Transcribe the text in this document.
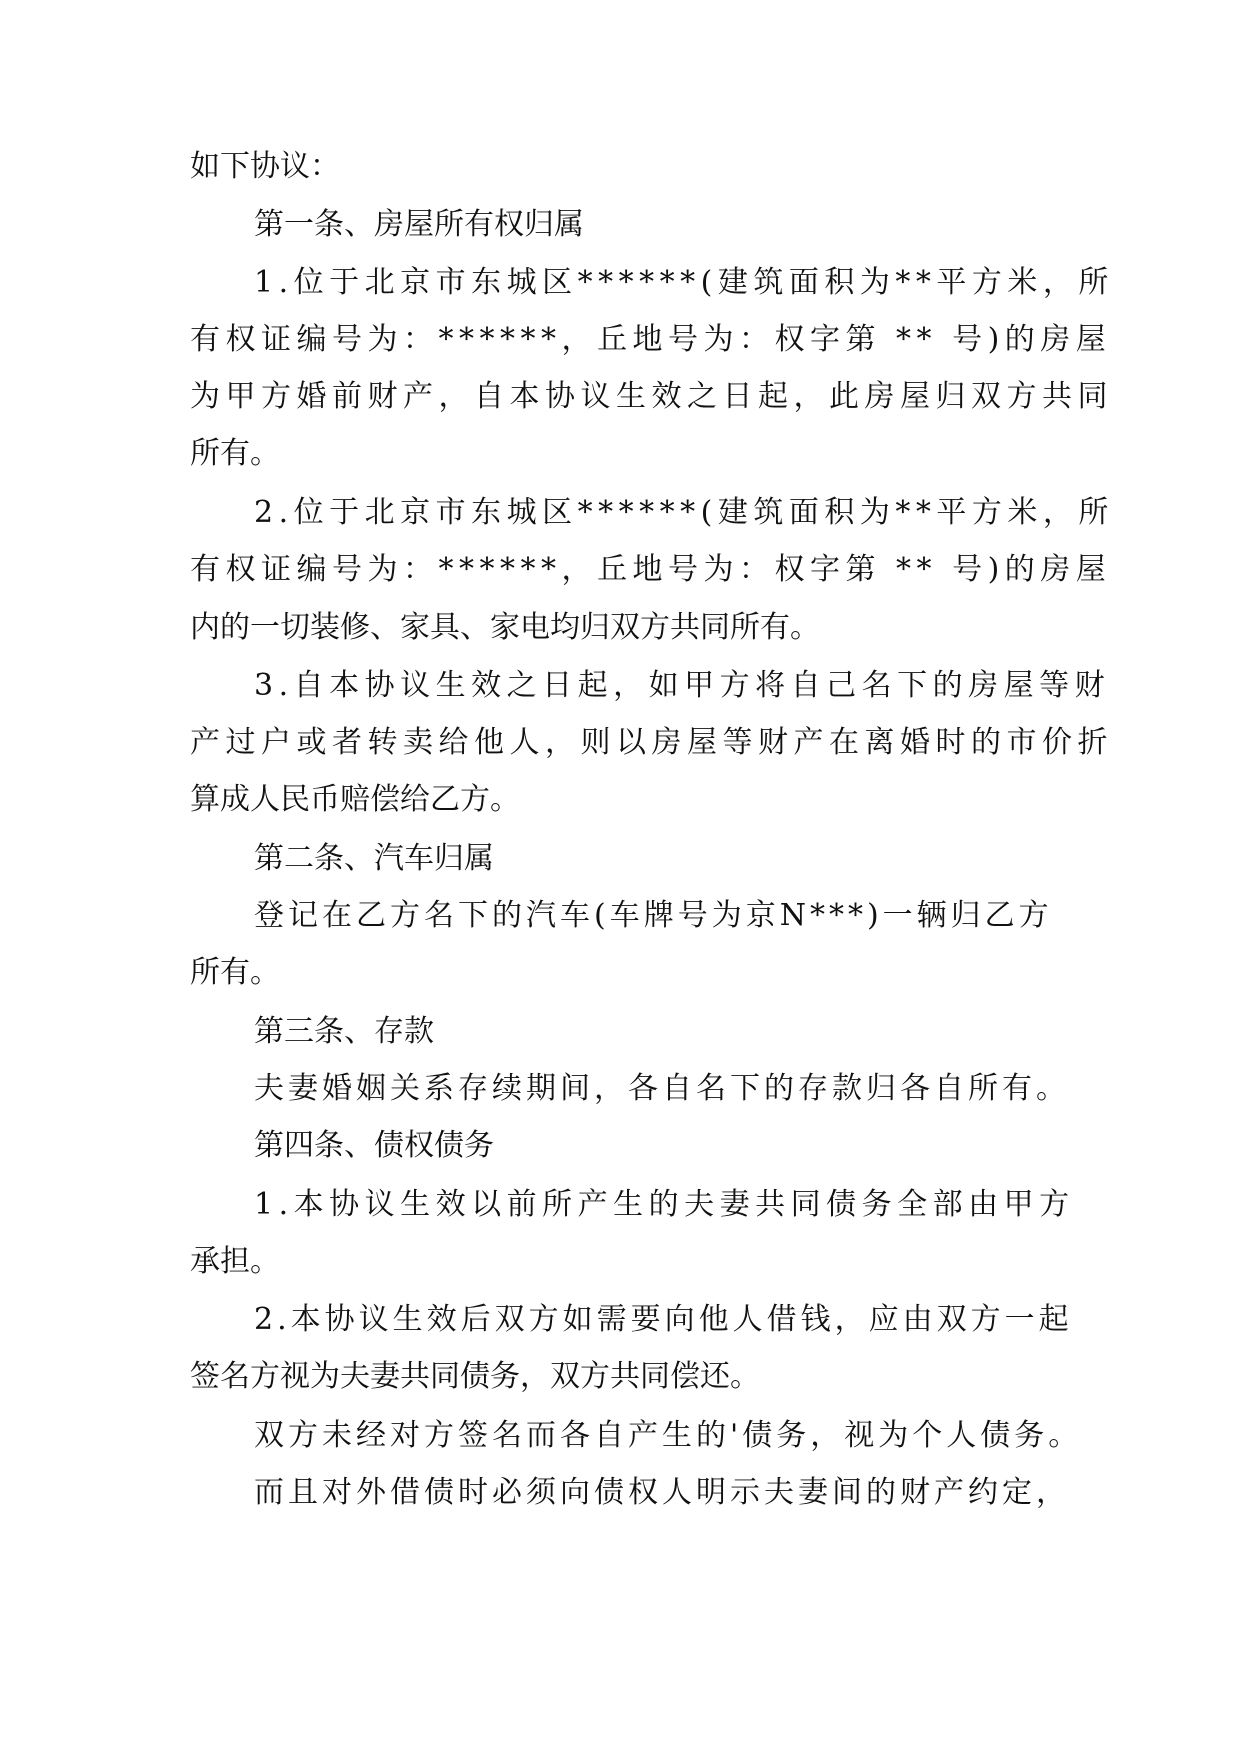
如下协议：
第一条、房屋所有权归属
1.位于北京市东城区******(建筑面积为**平方米，所
有权证编号为：******，丘地号为：权字第 ** 号)的房屋
为甲方婚前财产，自本协议生效之日起，此房屋归双方共同
所有。
2.位于北京市东城区******(建筑面积为**平方米，所
有权证编号为：******，丘地号为：权字第 ** 号)的房屋
内的一切装修、家具、家电均归双方共同所有。
3.自本协议生效之日起，如甲方将自己名下的房屋等财
产过户或者转卖给他人，则以房屋等财产在离婚时的市价折
算成人民币赔偿给乙方。
第二条、汽车归属
登记在乙方名下的汽车(车牌号为京N***)一辆归乙方
所有。
第三条、存款
夫妻婚姻关系存续期间，各自名下的存款归各自所有。
第四条、债权债务
1.本协议生效以前所产生的夫妻共同债务全部由甲方
承担。
2.本协议生效后双方如需要向他人借钱，应由双方一起
签名方视为夫妻共同债务，双方共同偿还。
双方未经对方签名而各自产生的'债务，视为个人债务。
而且对外借债时必须向债权人明示夫妻间的财产约定，
